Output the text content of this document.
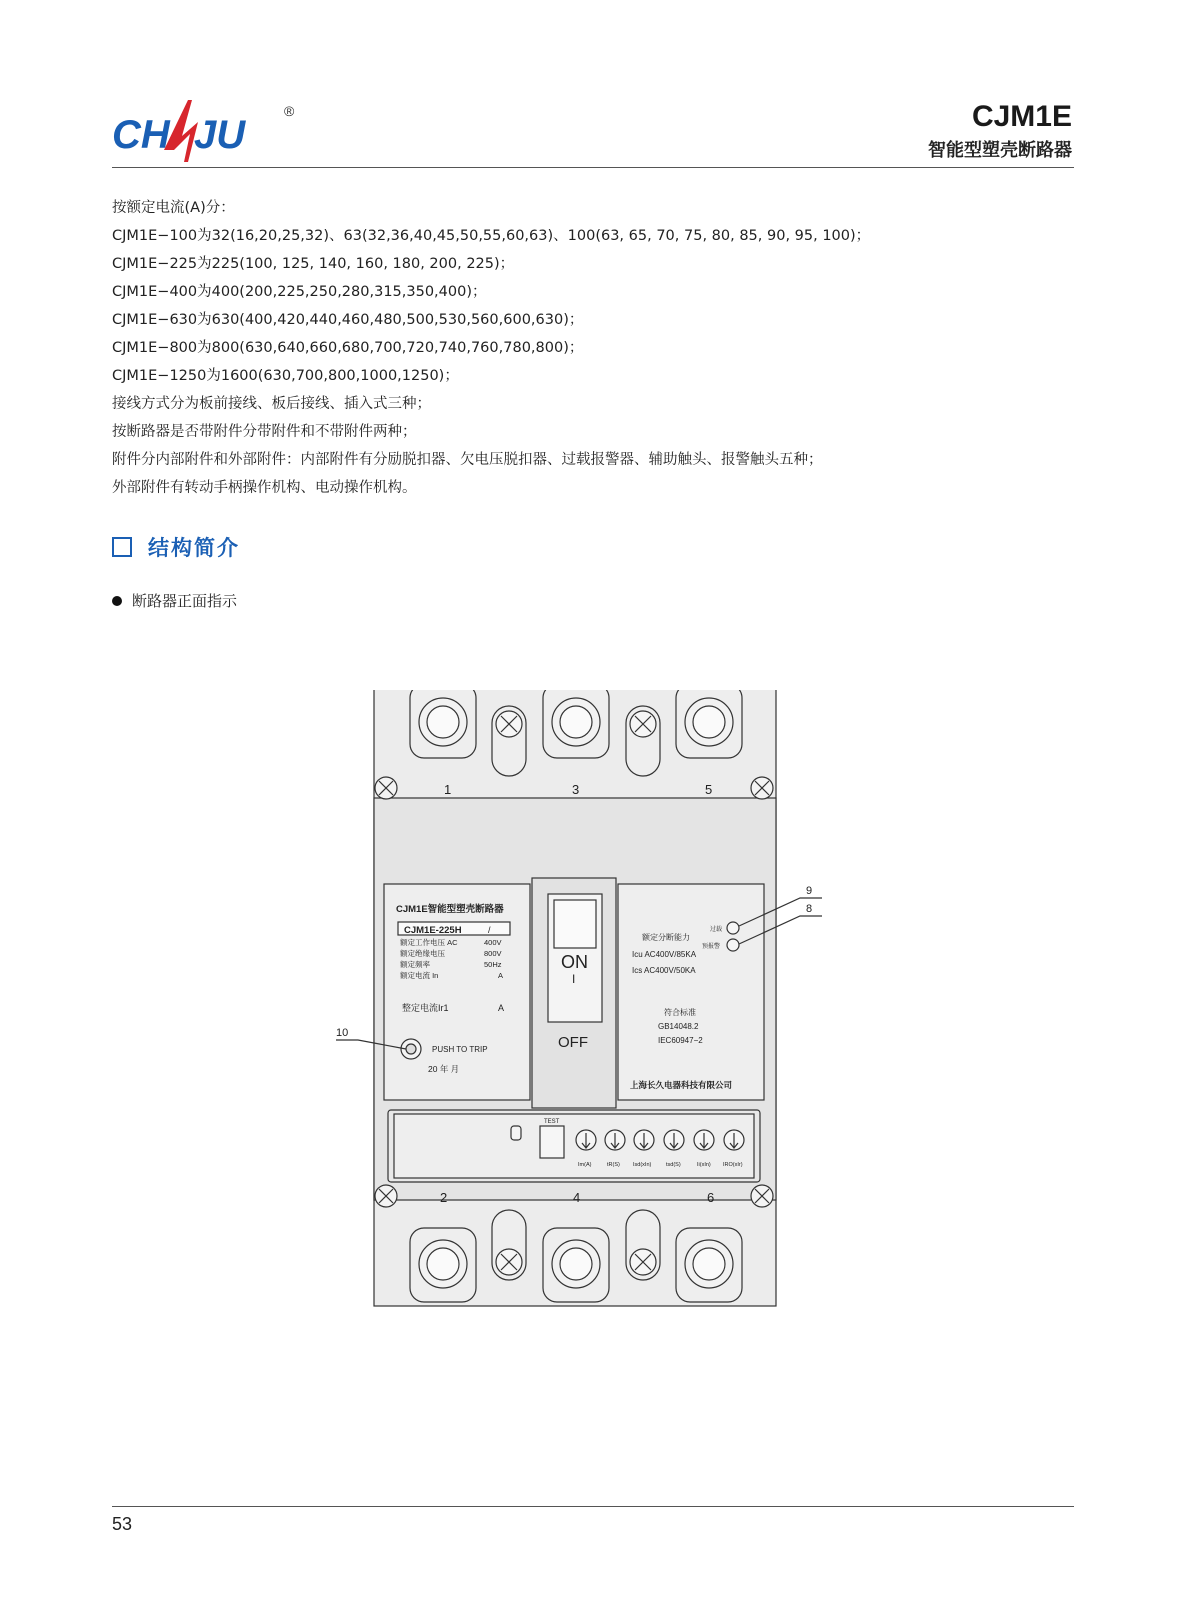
CH JU
®	CJM1E
智能型塑壳断路器
按额定电流(A)分：
CJM1E−100为32(16,20,25,32)、63(32,36,40,45,50,55,60,63)、100(63, 65, 70, 75, 80, 85, 90, 95, 100)；
CJM1E−225为225(100, 125, 140, 160, 180, 200, 225)；
CJM1E−400为400(200,225,250,280,315,350,400)；
CJM1E−630为630(400,420,440,460,480,500,530,560,600,630)；
CJM1E−800为800(630,640,660,680,700,720,740,760,780,800)；
CJM1E−1250为1600(630,700,800,1000,1250)；
接线方式分为板前接线、板后接线、插入式三种；
按断路器是否带附件分带附件和不带附件两种；
附件分内部附件和外部附件：内部附件有分励脱扣器、欠电压脱扣器、过载报警器、辅助触头、报警触头五种；
外部附件有转动手柄操作机构、电动操作机构。
结构简介
断路器正面指示
1	3	5
CJM1E智能型塑壳断路器
CJM1E-225H	/
额定工作电压 AC	400V
额定绝缘电压	800V
额定频率	50Hz
额定电流 In	A
整定电流Ir1	A
PUSH TO TRIP
20 年 月
ON
I
OFF
额定分断能力
Icu AC400V/85KA
Ics AC400V/50KA
过载
预报警
符合标准
GB14048.2
IEC60947−2
上海长久电器科技有限公司
TEST
Im(A)	tR(S) Isd(xIn)	tsd(S)	Ii(xIn) IRO(xIr)
2	4	6
9
8
10
53
